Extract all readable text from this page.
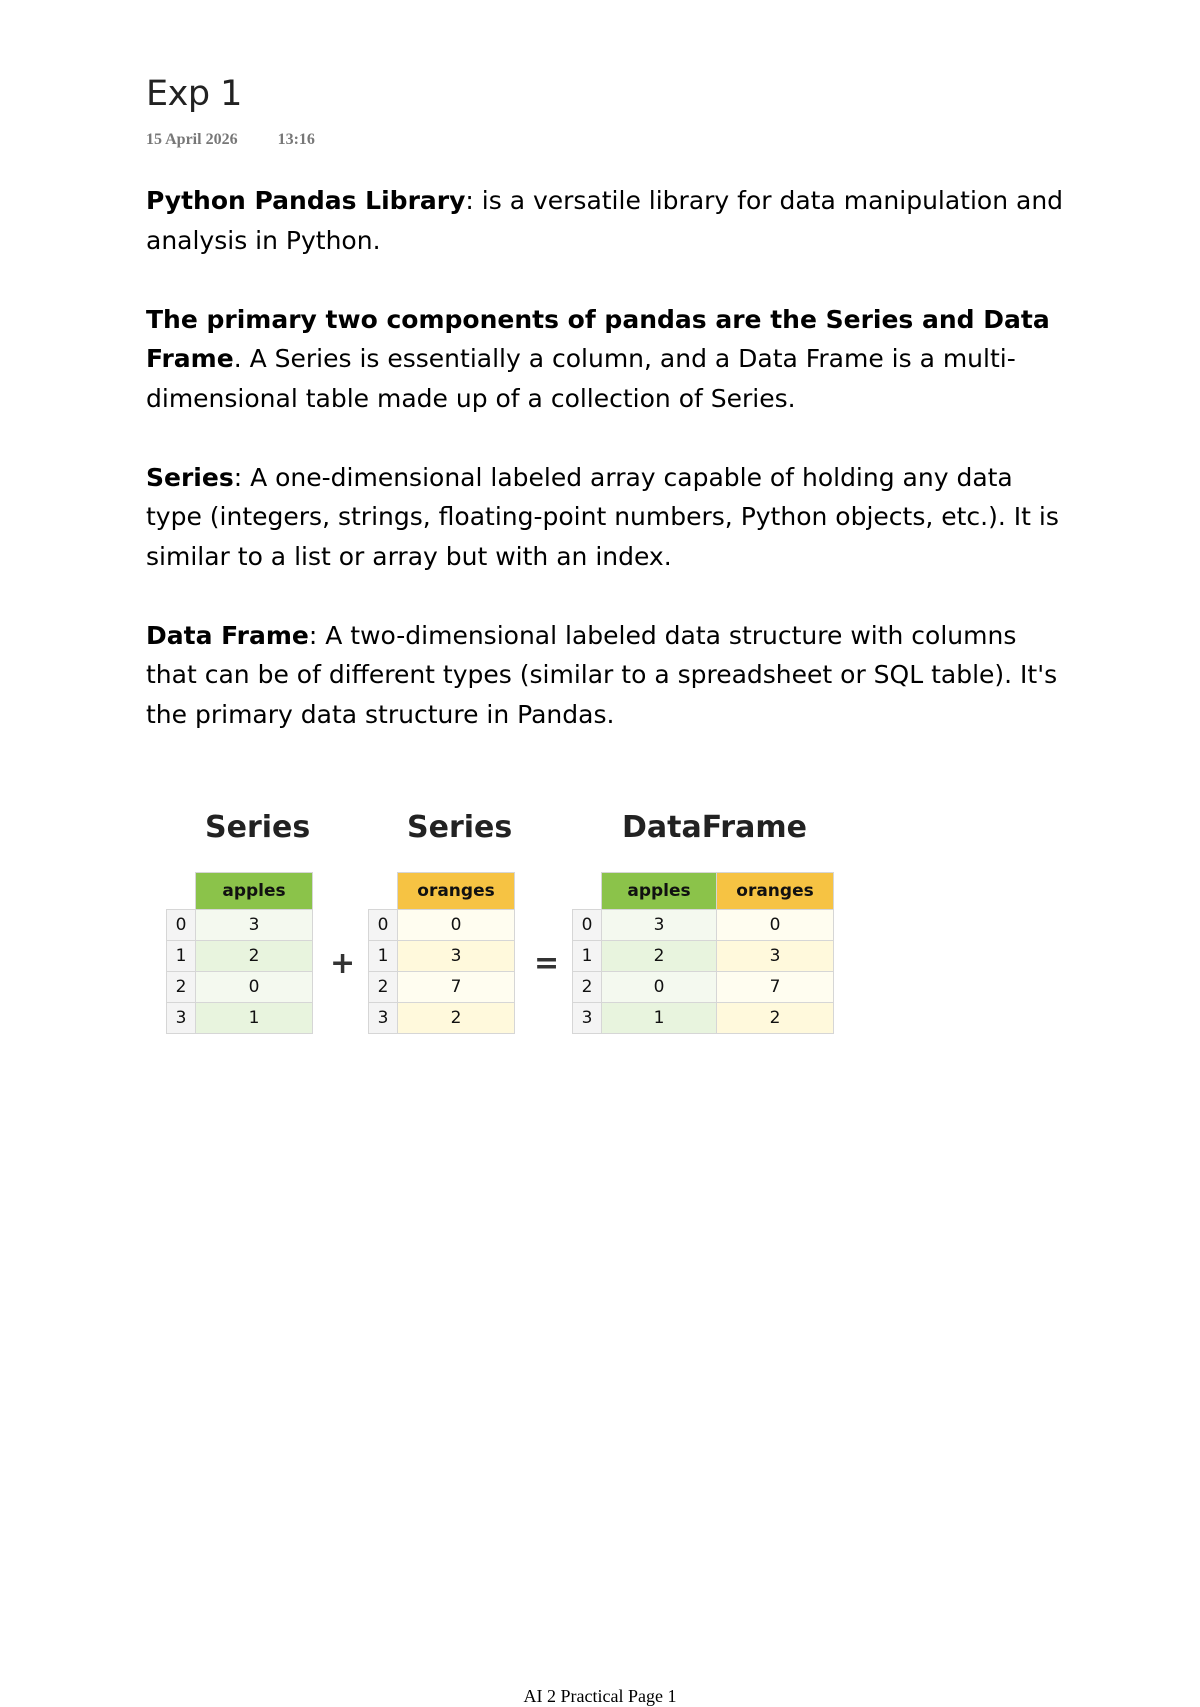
Exp 1
15 April 2026	13:16

Python Pandas Library: is a versatile library for data manipulation and analysis in Python.

The primary two components of pandas are the Series and Data Frame. A Series is essentially a column, and a Data Frame is a multi-dimensional table made up of a collection of Series.

Series: A one-dimensional labeled array capable of holding any data type (integers, strings, floating-point numbers, Python objects, etc.). It is similar to a list or array but with an index.

Data Frame: A two-dimensional labeled data structure with columns that can be of different types (similar to a spreadsheet or SQL table). It's the primary data structure in Pandas.

Series	Series	DataFrame
	apples
0	3
1	2
2	0
3	1
+
	oranges
0	0
1	3
2	7
3	2
=
	apples	oranges
0	3	0
1	2	3
2	0	7
3	1	2
AI 2 Practical Page 1
